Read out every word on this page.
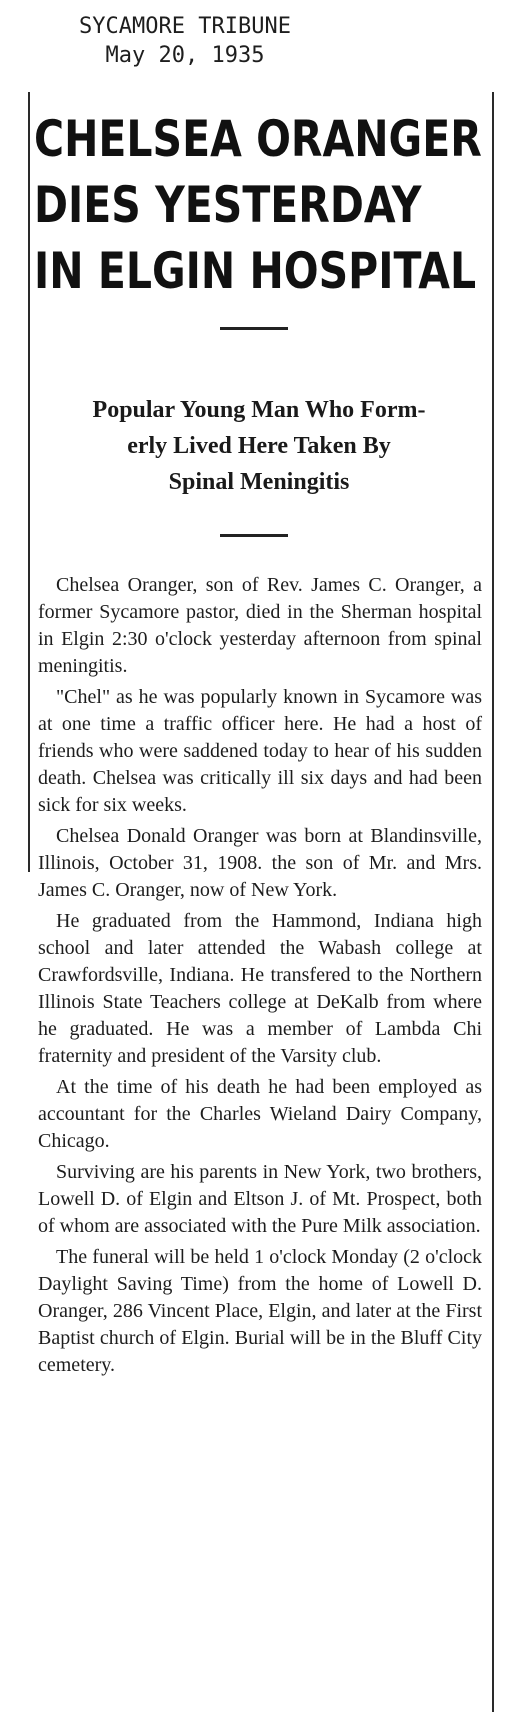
SYCAMORE TRIBUNE
May 20, 1935
CHELSEA ORANGER
DIES YESTERDAY
IN ELGIN HOSPITAL
Popular Young Man Who Form-
erly Lived Here Taken By
Spinal Meningitis

Chelsea Oranger, son of Rev. James C. Oranger, a former Sycamore pastor, died in the Sherman hospital in Elgin 2:30 o'clock yesterday afternoon from spinal meningitis.

"Chel" as he was popularly known in Sycamore was at one time a traffic officer here. He had a host of friends who were saddened today to hear of his sudden death. Chelsea was critically ill six days and had been sick for six weeks.

Chelsea Donald Oranger was born at Blandinsville, Illinois, October 31, 1908. the son of Mr. and Mrs. James C. Oranger, now of New York.

He graduated from the Hammond, Indiana high school and later attended the Wabash college at Crawfordsville, Indiana. He transfered to the Northern Illinois State Teachers college at DeKalb from where he graduated. He was a member of Lambda Chi fraternity and president of the Varsity club.

At the time of his death he had been employed as accountant for the Charles Wieland Dairy Company, Chicago.

Surviving are his parents in New York, two brothers, Lowell D. of Elgin and Eltson J. of Mt. Prospect, both of whom are associated with the Pure Milk association.

The funeral will be held 1 o'clock Monday (2 o'clock Daylight Saving Time) from the home of Lowell D. Oranger, 286 Vincent Place, Elgin, and later at the First Baptist church of Elgin. Burial will be in the Bluff City cemetery.
